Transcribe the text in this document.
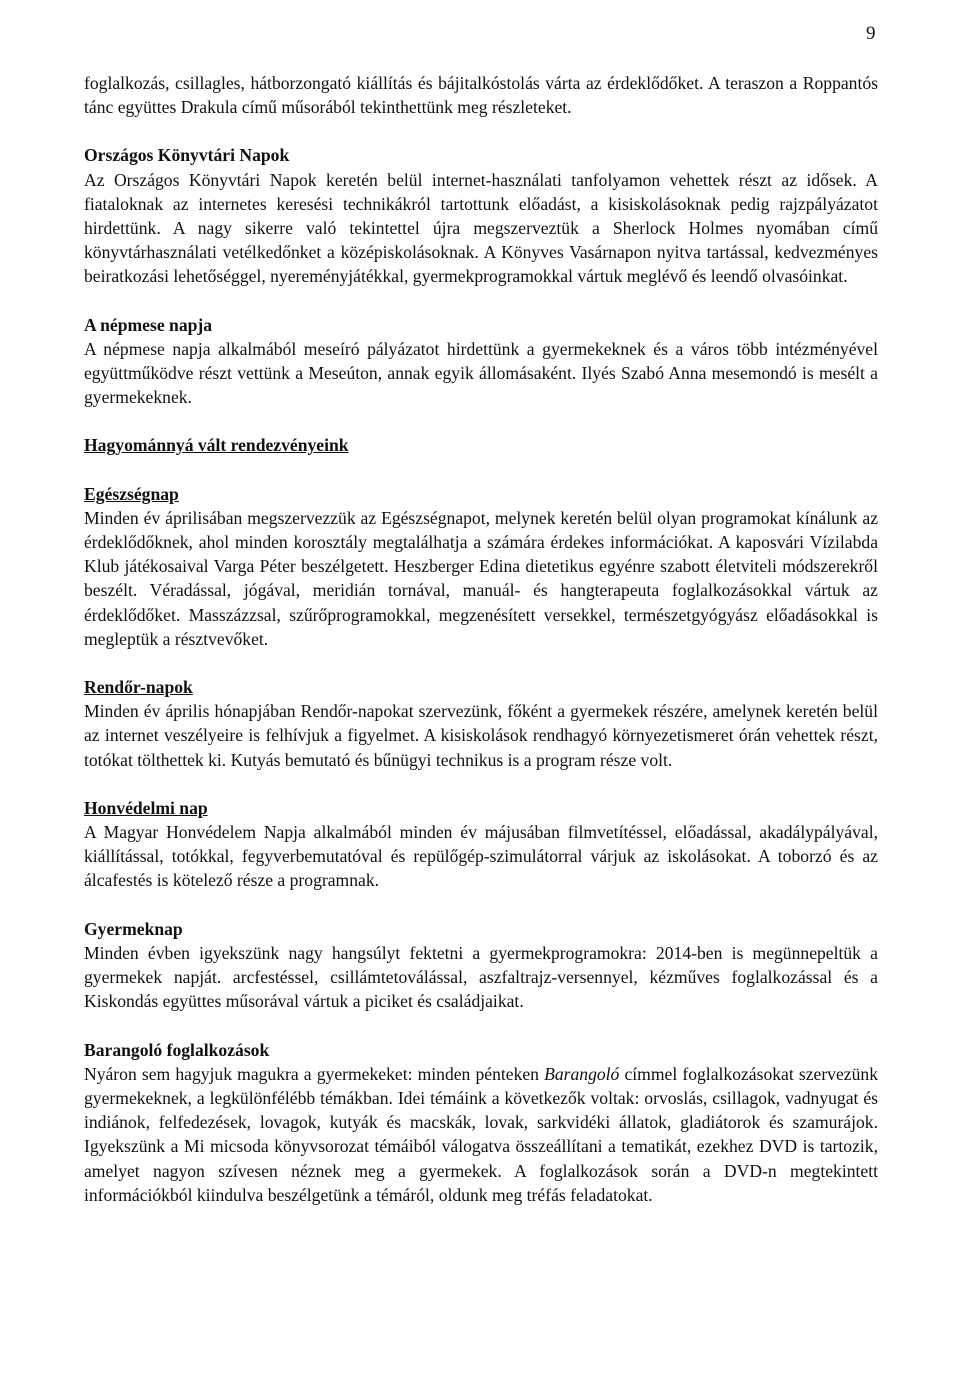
9

foglalkozás, csillagles, hátborzongató kiállítás és bájitalkóstolás várta az érdeklődőket. A teraszon a Roppantós tánc együttes Drakula című műsorából tekinthettünk meg részleteket.

Országos Könyvtári Napok

Az Országos Könyvtári Napok keretén belül internet-használati tanfolyamon vehettek részt az idősek. A fiataloknak az internetes keresési technikákról tartottunk előadást, a kisiskolásoknak pedig rajzpályázatot hirdettünk. A nagy sikerre való tekintettel újra megszerveztük a Sherlock Holmes nyomában című könyvtárhasználati vetélkedőnket a középiskolásoknak. A Könyves Vasárnapon nyitva tartással, kedvezményes beiratkozási lehetőséggel, nyereményjátékkal, gyermekprogramokkal vártuk meglévő és leendő olvasóinkat.

A népmese napja

A népmese napja alkalmából meseíró pályázatot hirdettünk a gyermekeknek és a város több intézményével együttműködve részt vettünk a Meseúton, annak egyik állomásaként. Ilyés Szabó Anna mesemondó is mesélt a gyermekeknek.

Hagyománnyá vált rendezvényeink
Egészségnap

Minden év áprilisában megszervezzük az Egészségnapot, melynek keretén belül olyan programokat kínálunk az érdeklődőknek, ahol minden korosztály megtalálhatja a számára érdekes információkat. A kaposvári Vízilabda Klub játékosaival Varga Péter beszélgetett. Heszberger Edina dietetikus egyénre szabott életviteli módszerekről beszélt. Véradással, jógával, meridián tornával, manuál- és hangterapeuta foglalkozásokkal vártuk az érdeklődőket. Masszázzsal, szűrőprogramokkal, megzenésített versekkel, természetgyógyász előadásokkal is megleptük a résztvevőket.

Rendőr-napok

Minden év április hónapjában Rendőr-napokat szervezünk, főként a gyermekek részére, amelynek keretén belül az internet veszélyeire is felhívjuk a figyelmet. A kisiskolások rendhagyó környezetismeret órán vehettek részt, totókat tölthettek ki. Kutyás bemutató és bűnügyi technikus is a program része volt.

Honvédelmi nap

A Magyar Honvédelem Napja alkalmából minden év májusában filmvetítéssel, előadással, akadálypályával, kiállítással, totókkal, fegyverbemutatóval és repülőgép-szimulátorral várjuk az iskolásokat. A toborzó és az álcafestés is kötelező része a programnak.

Gyermeknap

Minden évben igyekszünk nagy hangsúlyt fektetni a gyermekprogramokra: 2014-ben is megünnepeltük a gyermekek napját. arcfestéssel, csillámtetoválással, aszfaltrajz-versennyel, kézműves foglalkozással és a Kiskondás együttes műsorával vártuk a piciket és családjaikat.

Barangoló foglalkozások

Nyáron sem hagyjuk magukra a gyermekeket: minden pénteken Barangoló címmel foglalkozásokat szervezünk gyermekeknek, a legkülönfélébb témákban. Idei témáink a következők voltak: orvoslás, csillagok, vadnyugat és indiánok, felfedezések, lovagok, kutyák és macskák, lovak, sarkvidéki állatok, gladiátorok és szamurájok. Igyekszünk a Mi micsoda könyvsorozat témáiból válogatva összeállítani a tematikát, ezekhez DVD is tartozik, amelyet nagyon szívesen néznek meg a gyermekek. A foglalkozások során a DVD-n megtekintett információkból kiindulva beszélgetünk a témáról, oldunk meg tréfás feladatokat.
